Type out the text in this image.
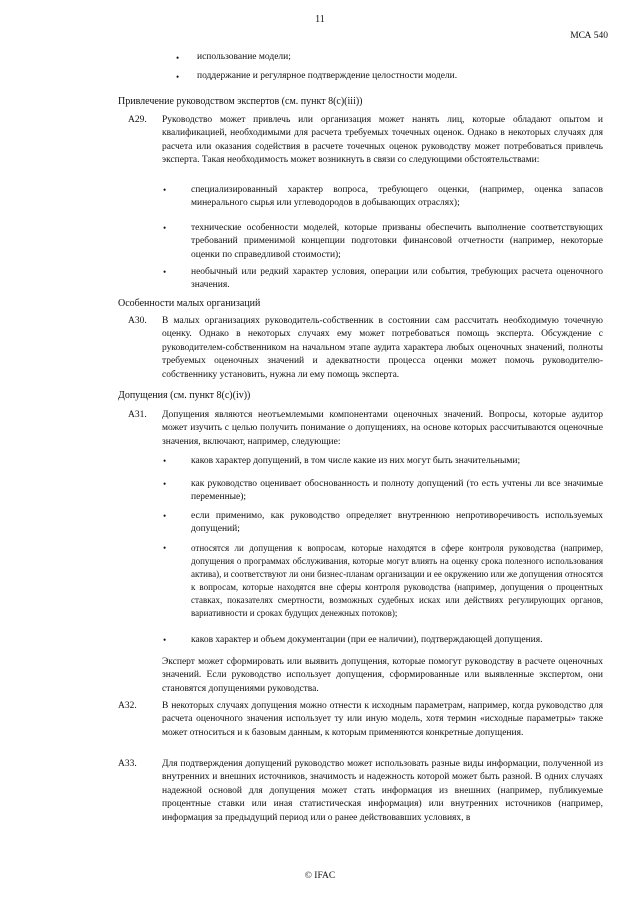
11
МСА 540
• использование модели;
• поддержание и регулярное подтверждение целостности модели.
Привлечение руководством экспертов (см. пункт 8(c)(iii))
A29. Руководство может привлечь или организация может нанять лиц, которые обладают опытом и квалификацией, необходимыми для расчета требуемых точечных оценок. Однако в некоторых случаях для расчета или оказания содействия в расчете точечных оценок руководству может потребоваться привлечь эксперта. Такая необходимость может возникнуть в связи со следующими обстоятельствами:
•	специализированный характер вопроса, требующего оценки, (например, оценка запасов минерального сырья или углеводородов в добывающих отраслях);
•	технические особенности моделей, которые призваны обеспечить выполнение соответствующих требований применимой концепции подготовки финансовой отчетности (например, некоторые оценки по справедливой стоимости);
•	необычный или редкий характер условия, операции или события, требующих расчета оценочного значения.
Особенности малых организаций
A30. В малых организациях руководитель-собственник в состоянии сам рассчитать необходимую точечную оценку. Однако в некоторых случаях ему может потребоваться помощь эксперта. Обсуждение с руководителем-собственником на начальном этапе аудита характера любых оценочных значений, полноты требуемых оценочных значений и адекватности процесса оценки может помочь руководителю-собственнику установить, нужна ли ему помощь эксперта.
Допущения (см. пункт 8(c)(iv))
A31. Допущения являются неотъемлемыми компонентами оценочных значений. Вопросы, которые аудитор может изучить с целью получить понимание о допущениях, на основе которых рассчитываются оценочные значения, включают, например, следующие:
•	каков характер допущений, в том числе какие из них могут быть значительными;
•	как руководство оценивает обоснованность и полноту допущений (то есть учтены ли все значимые переменные);
•	если применимо, как руководство определяет внутреннюю непротиворечивость используемых допущений;
•	относятся ли допущения к вопросам, которые находятся в сфере контроля руководства (например, допущения о программах обслуживания, которые могут влиять на оценку срока полезного использования актива), и соответствуют ли они бизнес-планам организации и ее окружению или же допущения относятся к вопросам, которые находятся вне сферы контроля руководства (например, допущения о процентных ставках, показателях смертности, возможных судебных исках или действиях регулирующих органов, вариативности и сроках будущих денежных потоков);
•	каков характер и объем документации (при ее наличии), подтверждающей допущения.
Эксперт может сформировать или выявить допущения, которые помогут руководству в расчете оценочных значений. Если руководство использует допущения, сформированные или выявленные экспертом, они становятся допущениями руководства.
A32.	В некоторых случаях допущения можно отнести к исходным параметрам, например, когда руководство для расчета оценочного значения использует ту или иную модель, хотя термин «исходные параметры» также может относиться и к базовым данным, к которым применяются конкретные допущения.
A33.	Для подтверждения допущений руководство может использовать разные виды информации, полученной из внутренних и внешних источников, значимость и надежность которой может быть разной. В одних случаях надежной основой для допущения может стать информация из внешних (например, публикуемые процентные ставки или иная статистическая информация) или внутренних источников (например, информация за предыдущий период или о ранее действовавших условиях, в
© IFAC
